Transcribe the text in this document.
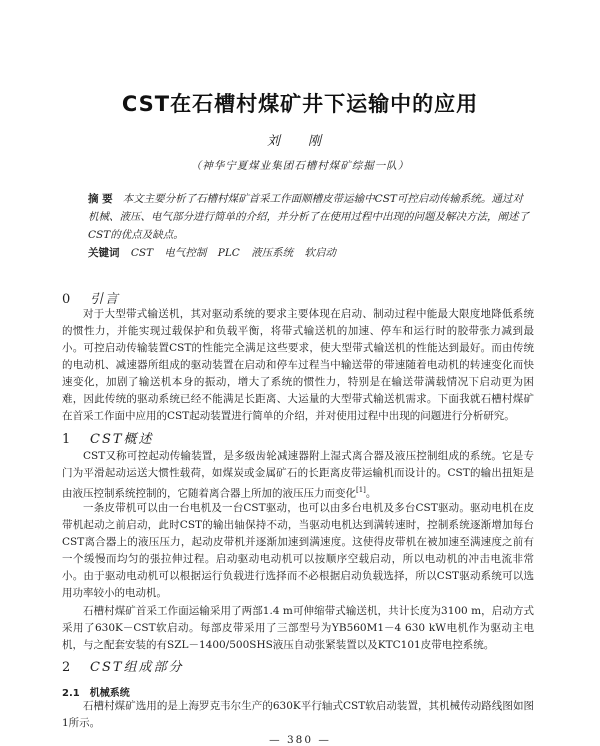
CST在石槽村煤矿井下运输中的应用
刘 刚
（神华宁夏煤业集团石槽村煤矿综掘一队）
摘 要 本文主要分析了石槽村煤矿首采工作面顺槽皮带运输中CST可控启动传输系统。通过对机械、液压、电气部分进行简单的介绍，并分析了在使用过程中出现的问题及解决方法，阐述了CST的优点及缺点。
关键词 CST 电气控制 PLC 液压系统 软启动
0 引言
对于大型带式输送机，其对驱动系统的要求主要体现在启动、制动过程中能最大限度地降低系统的惯性力，并能实现过载保护和负载平衡，将带式输送机的加速、停车和运行时的胶带张力减到最小。可控启动传输装置CST的性能完全满足这些要求，使大型带式输送机的性能达到最好。而由传统的电动机、减速器所组成的驱动装置在启动和停车过程当中输送带的带速随着电动机的转速变化而快速变化，加剧了输送机本身的振动，增大了系统的惯性力，特别是在输送带满载情况下启动更为困难，因此传统的驱动系统已经不能满足长距离、大运量的大型带式输送机需求。下面我就石槽村煤矿在首采工作面中应用的CST起动装置进行简单的介绍，并对使用过程中出现的问题进行分析研究。
1 CST概述
CST又称可控起动传输装置，是多级齿轮减速器附上湿式离合器及液压控制组成的系统。它是专门为平滑起动运送大惯性载荷，如煤炭或金属矿石的长距离皮带运输机而设计的。CST的输出扭矩是由液压控制系统控制的，它随着离合器上所加的液压压力而变化[1]。
一条皮带机可以由一台电机及一台CST驱动，也可以由多台电机及多台CST驱动。驱动电机在皮带机起动之前启动，此时CST的输出轴保持不动，当驱动电机达到满转速时，控制系统逐渐增加每台CST离合器上的液压压力，起动皮带机并逐渐加速到满速度。这使得皮带机在被加速至满速度之前有一个缓慢而均匀的張拉伸过程。启动驱动电动机可以按顺序空载启动，所以电动机的冲击电流非常小。由于驱动电动机可以根据运行负载进行选择而不必根据启动负载选择，所以CST驱动系统可以选用功率较小的电动机。
石槽村煤矿首采工作面运输采用了两部1.4 m可伸缩带式输送机，共计长度为3100 m，启动方式采用了630K－CST软启动。每部皮带采用了三部型号为YB560M1－4 630 kW电机作为驱动主电机，与之配套安装的有SZL－1400/500SHS液压自动张紧装置以及KTC101皮带电控系统。
2 CST组成部分
2.1 机械系统
石槽村煤矿选用的是上海罗克韦尔生产的630K平行轴式CST软启动装置，其机械传动路线图如图1所示。
— 380 —
